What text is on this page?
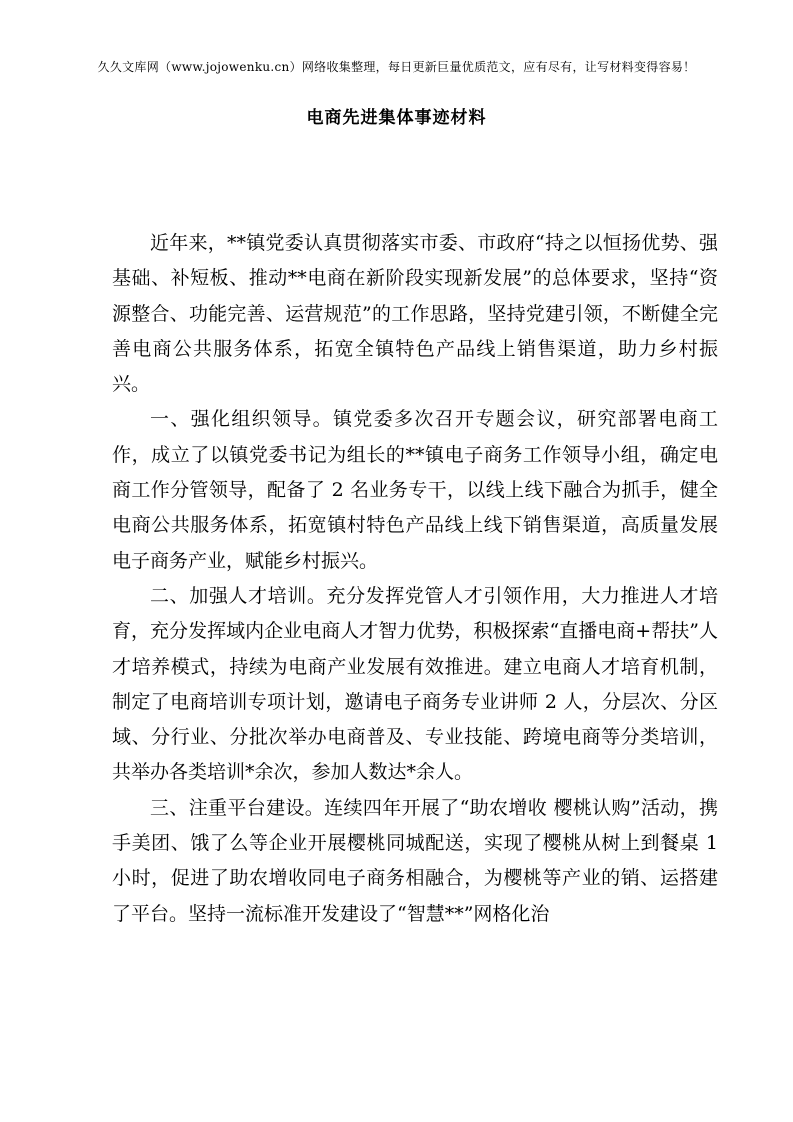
久久文库网（www.jojowenku.cn）网络收集整理，每日更新巨量优质范文，应有尽有，让写材料变得容易！
电商先进集体事迹材料

近年来，**镇党委认真贯彻落实市委、市政府“持之以恒扬优势、强基础、补短板、推动**电商在新阶段实现新发展”的总体要求，坚持“资源整合、功能完善、运营规范”的工作思路，坚持党建引领，不断健全完善电商公共服务体系，拓宽全镇特色产品线上销售渠道，助力乡村振兴。

一、强化组织领导。镇党委多次召开专题会议，研究部署电商工作，成立了以镇党委书记为组长的**镇电子商务工作领导小组，确定电商工作分管领导，配备了 2 名业务专干，以线上线下融合为抓手，健全电商公共服务体系，拓宽镇村特色产品线上线下销售渠道，高质量发展电子商务产业，赋能乡村振兴。

二、加强人才培训。充分发挥党管人才引领作用，大力推进人才培育，充分发挥域内企业电商人才智力优势，积极探索“直播电商+帮扶”人才培养模式，持续为电商产业发展有效推进。建立电商人才培育机制，制定了电商培训专项计划，邀请电子商务专业讲师 2 人，分层次、分区域、分行业、分批次举办电商普及、专业技能、跨境电商等分类培训，共举办各类培训*余次，参加人数达*余人。

三、注重平台建设。连续四年开展了“助农增收 樱桃认购”活动，携手美团、饿了么等企业开展樱桃同城配送，实现了樱桃从树上到餐桌 1 小时，促进了助农增收同电子商务相融合，为樱桃等产业的销、运搭建了平台。坚持一流标准开发建设了“智慧**”网格化治
